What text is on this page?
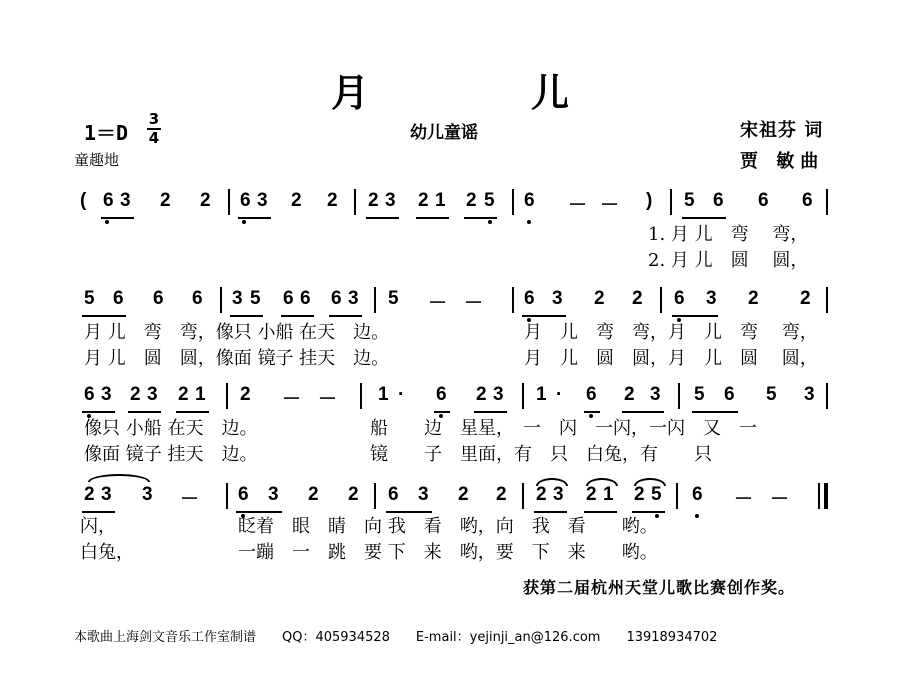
月　儿
1＝D
3
4	幼儿童谣	宋祖芬 词
贾 敏曲
童趣地
( 6 3 2 2 6 3 2 2 2 3 2 1 2 5 6 － － ) 5 6 6 6
1. 月 儿　弯　 弯，
2. 月 儿　圆　 圆，
5 6 6 6 3 5 6 6 6 3 5 － － 6 3 2 2 6 3 2 2
月 儿　弯　弯，像只 小船 在天　边。	月　儿　弯　弯，月　儿　弯　 弯，
月 儿　圆　圆，像面 镜子 挂天　边。	月　儿　圆　圆，月　儿　圆　 圆，
6 3 2 3 2 1 2 － － 1 · 6 2 3 1 · 6 2 3 5 6 5 3
像只 小船 在天　边。	船　　边　星星，　一　闪　一闪，一闪　又　一
像面 镜子 挂天　边。	镜　　子　里面，有　只　白兔，有　　只
2 3 3 － 6 3 2 2 6 3 2 2 2 3 2 1 2 5 6 － －
闪，	眨着　眼　睛　向 我　看　哟，向　我　看　　哟。
白兔，	一蹦　一　跳　要 下　来　哟，要　下　来　　哟。
获第二届杭州天堂儿歌比赛创作奖。
本歌曲上海剑文音乐工作室制谱　　QQ：405934528　　E-mail：yejinji_an@126.com　　13918934702
